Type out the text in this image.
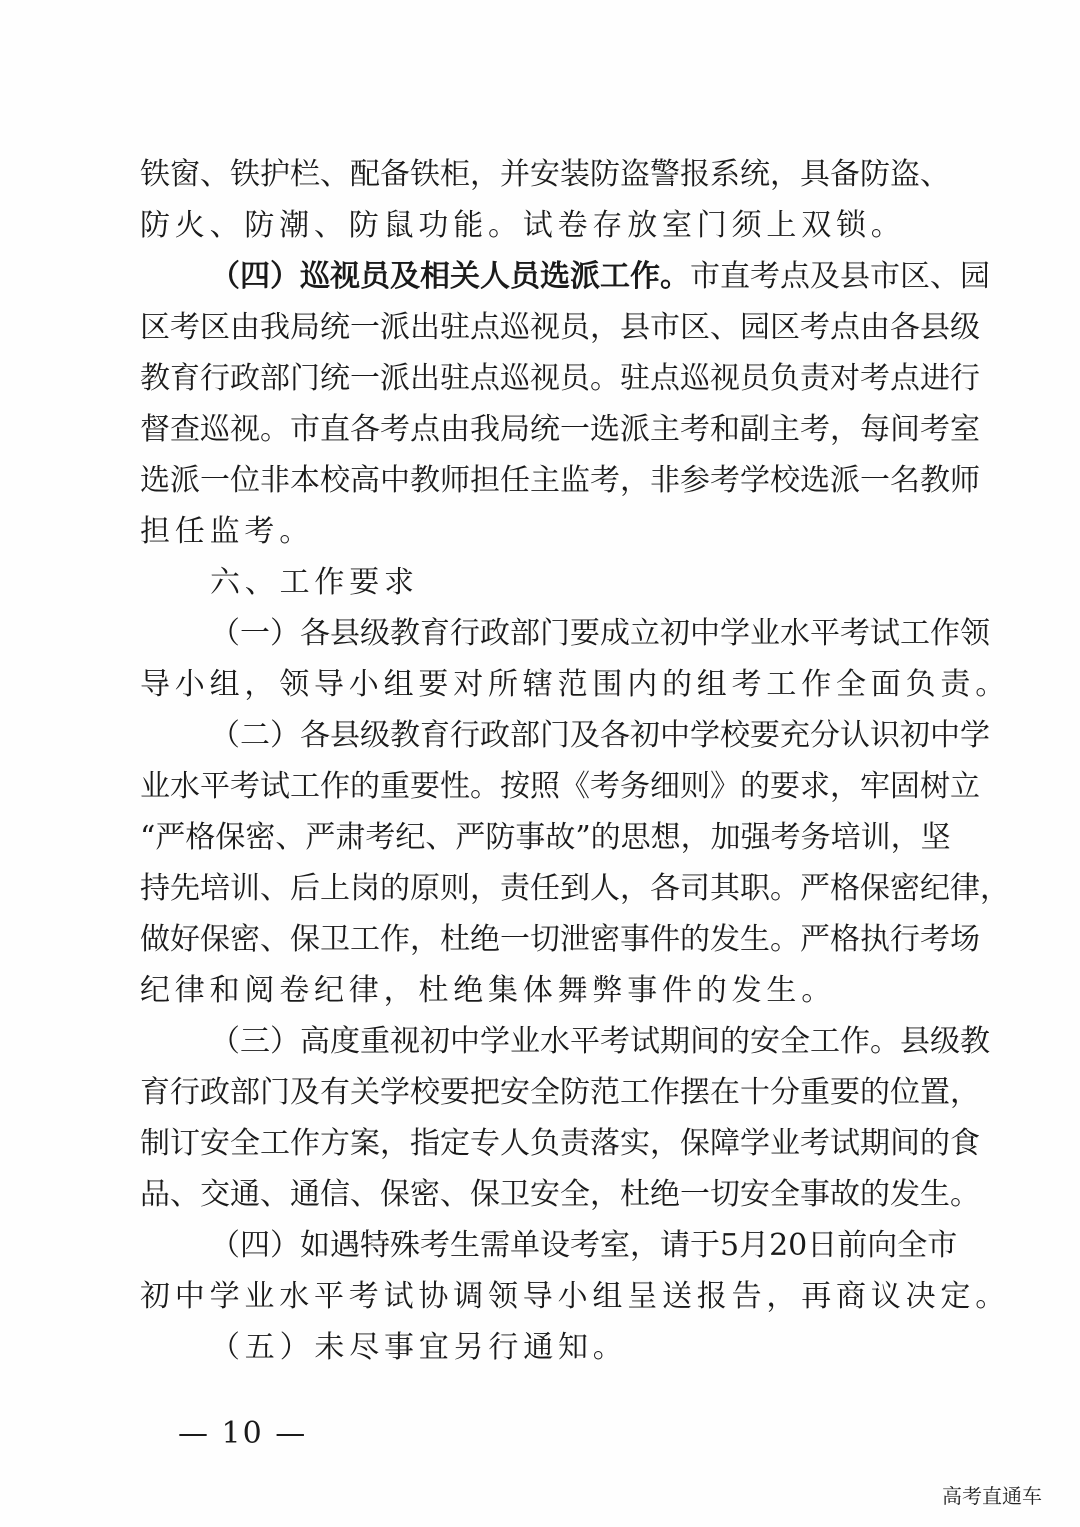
铁窗、铁护栏、配备铁柜，并安装防盗警报系统，具备防盗、
防火、防潮、防鼠功能。试卷存放室门须上双锁。
（四）巡视员及相关人员选派工作。市直考点及县市区、园
区考区由我局统一派出驻点巡视员，县市区、园区考点由各县级
教育行政部门统一派出驻点巡视员。驻点巡视员负责对考点进行
督查巡视。市直各考点由我局统一选派主考和副主考，每间考室
选派一位非本校高中教师担任主监考，非参考学校选派一名教师
担任监考。
六、工作要求
（一）各县级教育行政部门要成立初中学业水平考试工作领
导小组，领导小组要对所辖范围内的组考工作全面负责。
（二）各县级教育行政部门及各初中学校要充分认识初中学
业水平考试工作的重要性。按照《考务细则》的要求，牢固树立
“严格保密、严肃考纪、严防事故”的思想，加强考务培训，坚
持先培训、后上岗的原则，责任到人，各司其职。严格保密纪律，
做好保密、保卫工作，杜绝一切泄密事件的发生。严格执行考场
纪律和阅卷纪律，杜绝集体舞弊事件的发生。
（三）高度重视初中学业水平考试期间的安全工作。县级教
育行政部门及有关学校要把安全防范工作摆在十分重要的位置，
制订安全工作方案，指定专人负责落实，保障学业考试期间的食
品、交通、通信、保密、保卫安全，杜绝一切安全事故的发生。
（四）如遇特殊考生需单设考室，请于5月20日前向全市
初中学业水平考试协调领导小组呈送报告，再商议决定。
（五）未尽事宜另行通知。
— 10 —
高考直通车
